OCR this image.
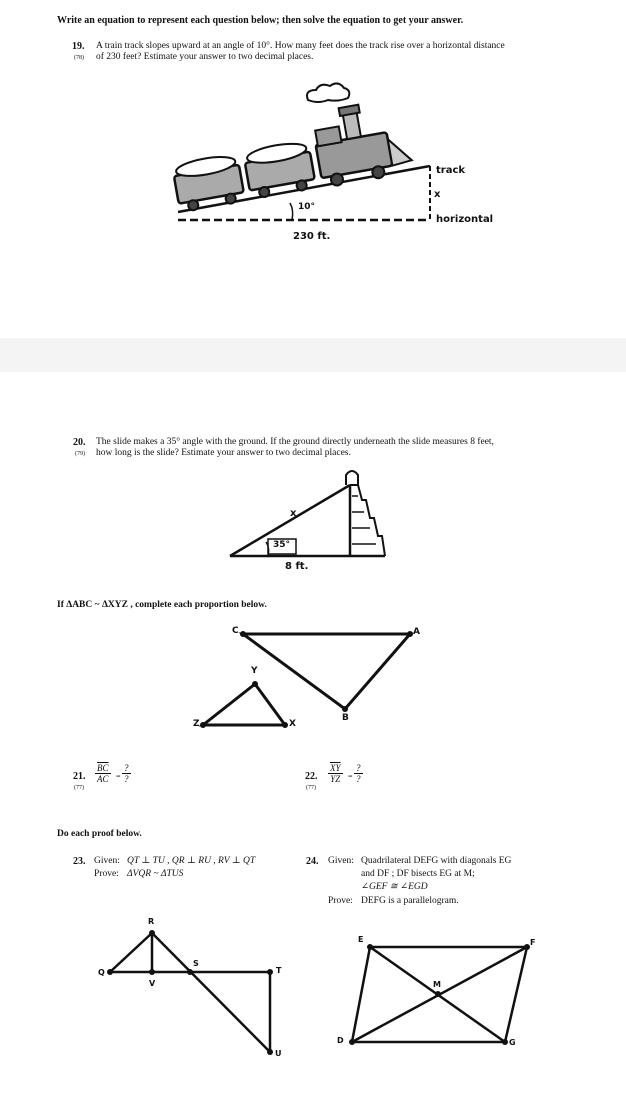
Write an equation to represent each question below; then solve the equation to get your answer.
19.
(78)
A train track slopes upward at an angle of 10°. How many feet does the track rise over a horizontal distance
of 230 feet? Estimate your answer to two decimal places.
track
x
horizontal
10°
230 ft.
20.
(79)
The slide makes a 35° angle with the ground. If the ground directly underneath the slide measures 8 feet,
how long is the slide? Estimate your answer to two decimal places.
x
35°
8 ft.
If ΔABC ~ ΔXYZ , complete each proportion below.
C	A
B
Y
Z	X
21.
(77)
$\frac{\overline{BC}}{AC}$ =
?
?	22.
(77)
$\frac{\overline{XY}}{YZ}$ =
?
?
Do each proof below.
23. Given: QT ⊥ TU , QR ⊥ RU , RV ⊥ QT
Prove: ΔVQR ~ ΔTUS
R
Q
V
S
T
U
24. Given: Quadrilateral DEFG with diagonals EG
and DF ; DF bisects EG at M;
∠GEF ≅ ∠EGD
Prove: DEFG is a parallelogram.
E	F
M
D	G
